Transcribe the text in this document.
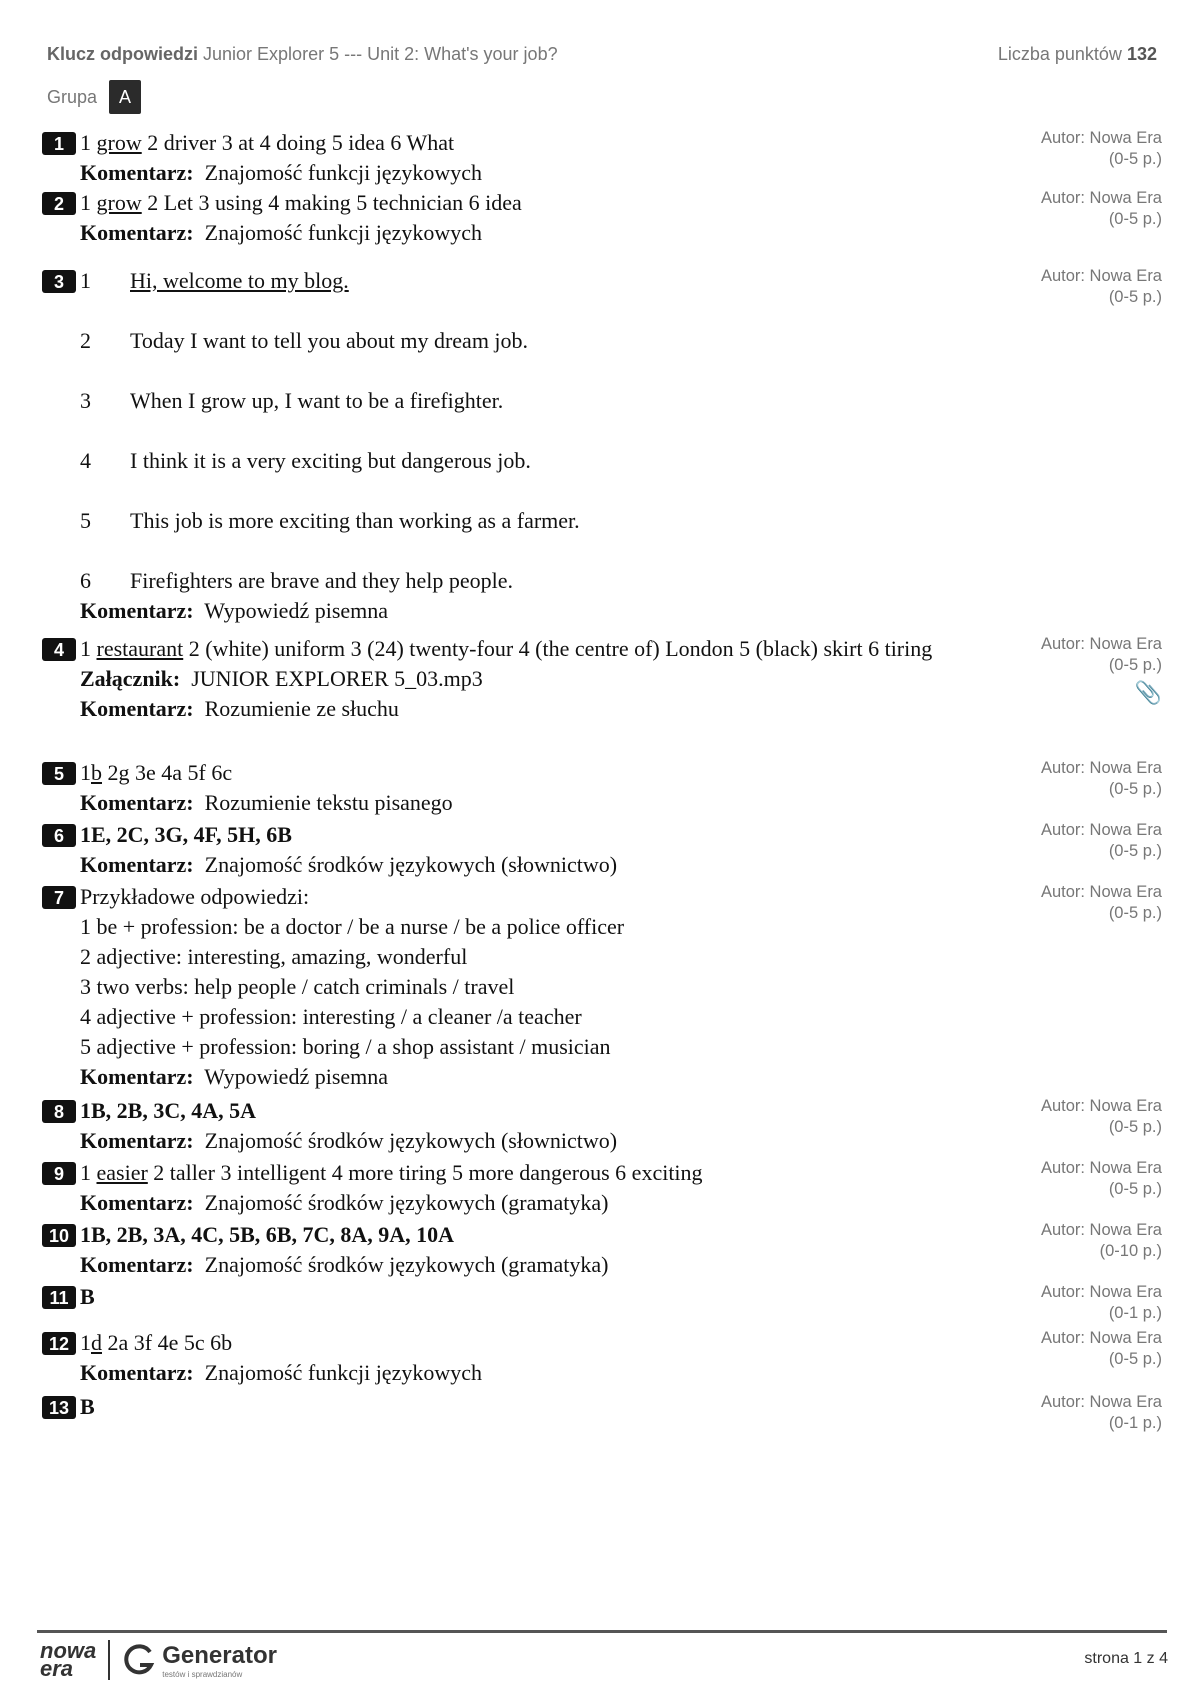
Klucz odpowiedzi Junior Explorer 5 --- Unit 2: What's your job?	Liczba punktów 132
Grupa	A
1 1 grow 2 driver 3 at 4 doing 5 idea 6 What
Komentarz: Znajomość funkcji językowych
Autor: Nowa Era
(0-5 p.)
2 1 grow 2 Let 3 using 4 making 5 technician 6 idea
Komentarz: Znajomość funkcji językowych
Autor: Nowa Era
(0-5 p.)
3 1	Hi, welcome to my blog.
2	Today I want to tell you about my dream job.
3	When I grow up, I want to be a firefighter.
4	I think it is a very exciting but dangerous job.
5	This job is more exciting than working as a farmer.
6	Firefighters are brave and they help people.
Komentarz: Wypowiedź pisemna
Autor: Nowa Era
(0-5 p.)
4 1 restaurant 2 (white) uniform 3 (24) twenty-four 4 (the centre of) London 5 (black) skirt 6 tiring
Załącznik: JUNIOR EXPLORER 5_03.mp3
Komentarz: Rozumienie ze słuchu
Autor: Nowa Era
(0-5 p.)
📎
5 1b 2g 3e 4a 5f 6c
Komentarz: Rozumienie tekstu pisanego
Autor: Nowa Era
(0-5 p.)
6 1E, 2C, 3G, 4F, 5H, 6B
Komentarz: Znajomość środków językowych (słownictwo)
Autor: Nowa Era
(0-5 p.)
7 Przykładowe odpowiedzi:
1 be + profession: be a doctor / be a nurse / be a police officer
2 adjective: interesting, amazing, wonderful
3 two verbs: help people / catch criminals / travel
4 adjective + profession: interesting / a cleaner /a teacher
5 adjective + profession: boring / a shop assistant / musician
Komentarz: Wypowiedź pisemna
Autor: Nowa Era
(0-5 p.)
8 1B, 2B, 3C, 4A, 5A
Komentarz: Znajomość środków językowych (słownictwo)
Autor: Nowa Era
(0-5 p.)
9 1 easier 2 taller 3 intelligent 4 more tiring 5 more dangerous 6 exciting
Komentarz: Znajomość środków językowych (gramatyka)
Autor: Nowa Era
(0-5 p.)
10 1B, 2B, 3A, 4C, 5B, 6B, 7C, 8A, 9A, 10A
Komentarz: Znajomość środków językowych (gramatyka)
Autor: Nowa Era
(0-10 p.)
11 B	Autor: Nowa Era
(0-1 p.)
12 1d 2a 3f 4e 5c 6b
Komentarz: Znajomość funkcji językowych
Autor: Nowa Era
(0-5 p.)
13 B	Autor: Nowa Era
(0-1 p.)
nowa
era	Generator
testów i sprawdzianów
strona 1 z 4
